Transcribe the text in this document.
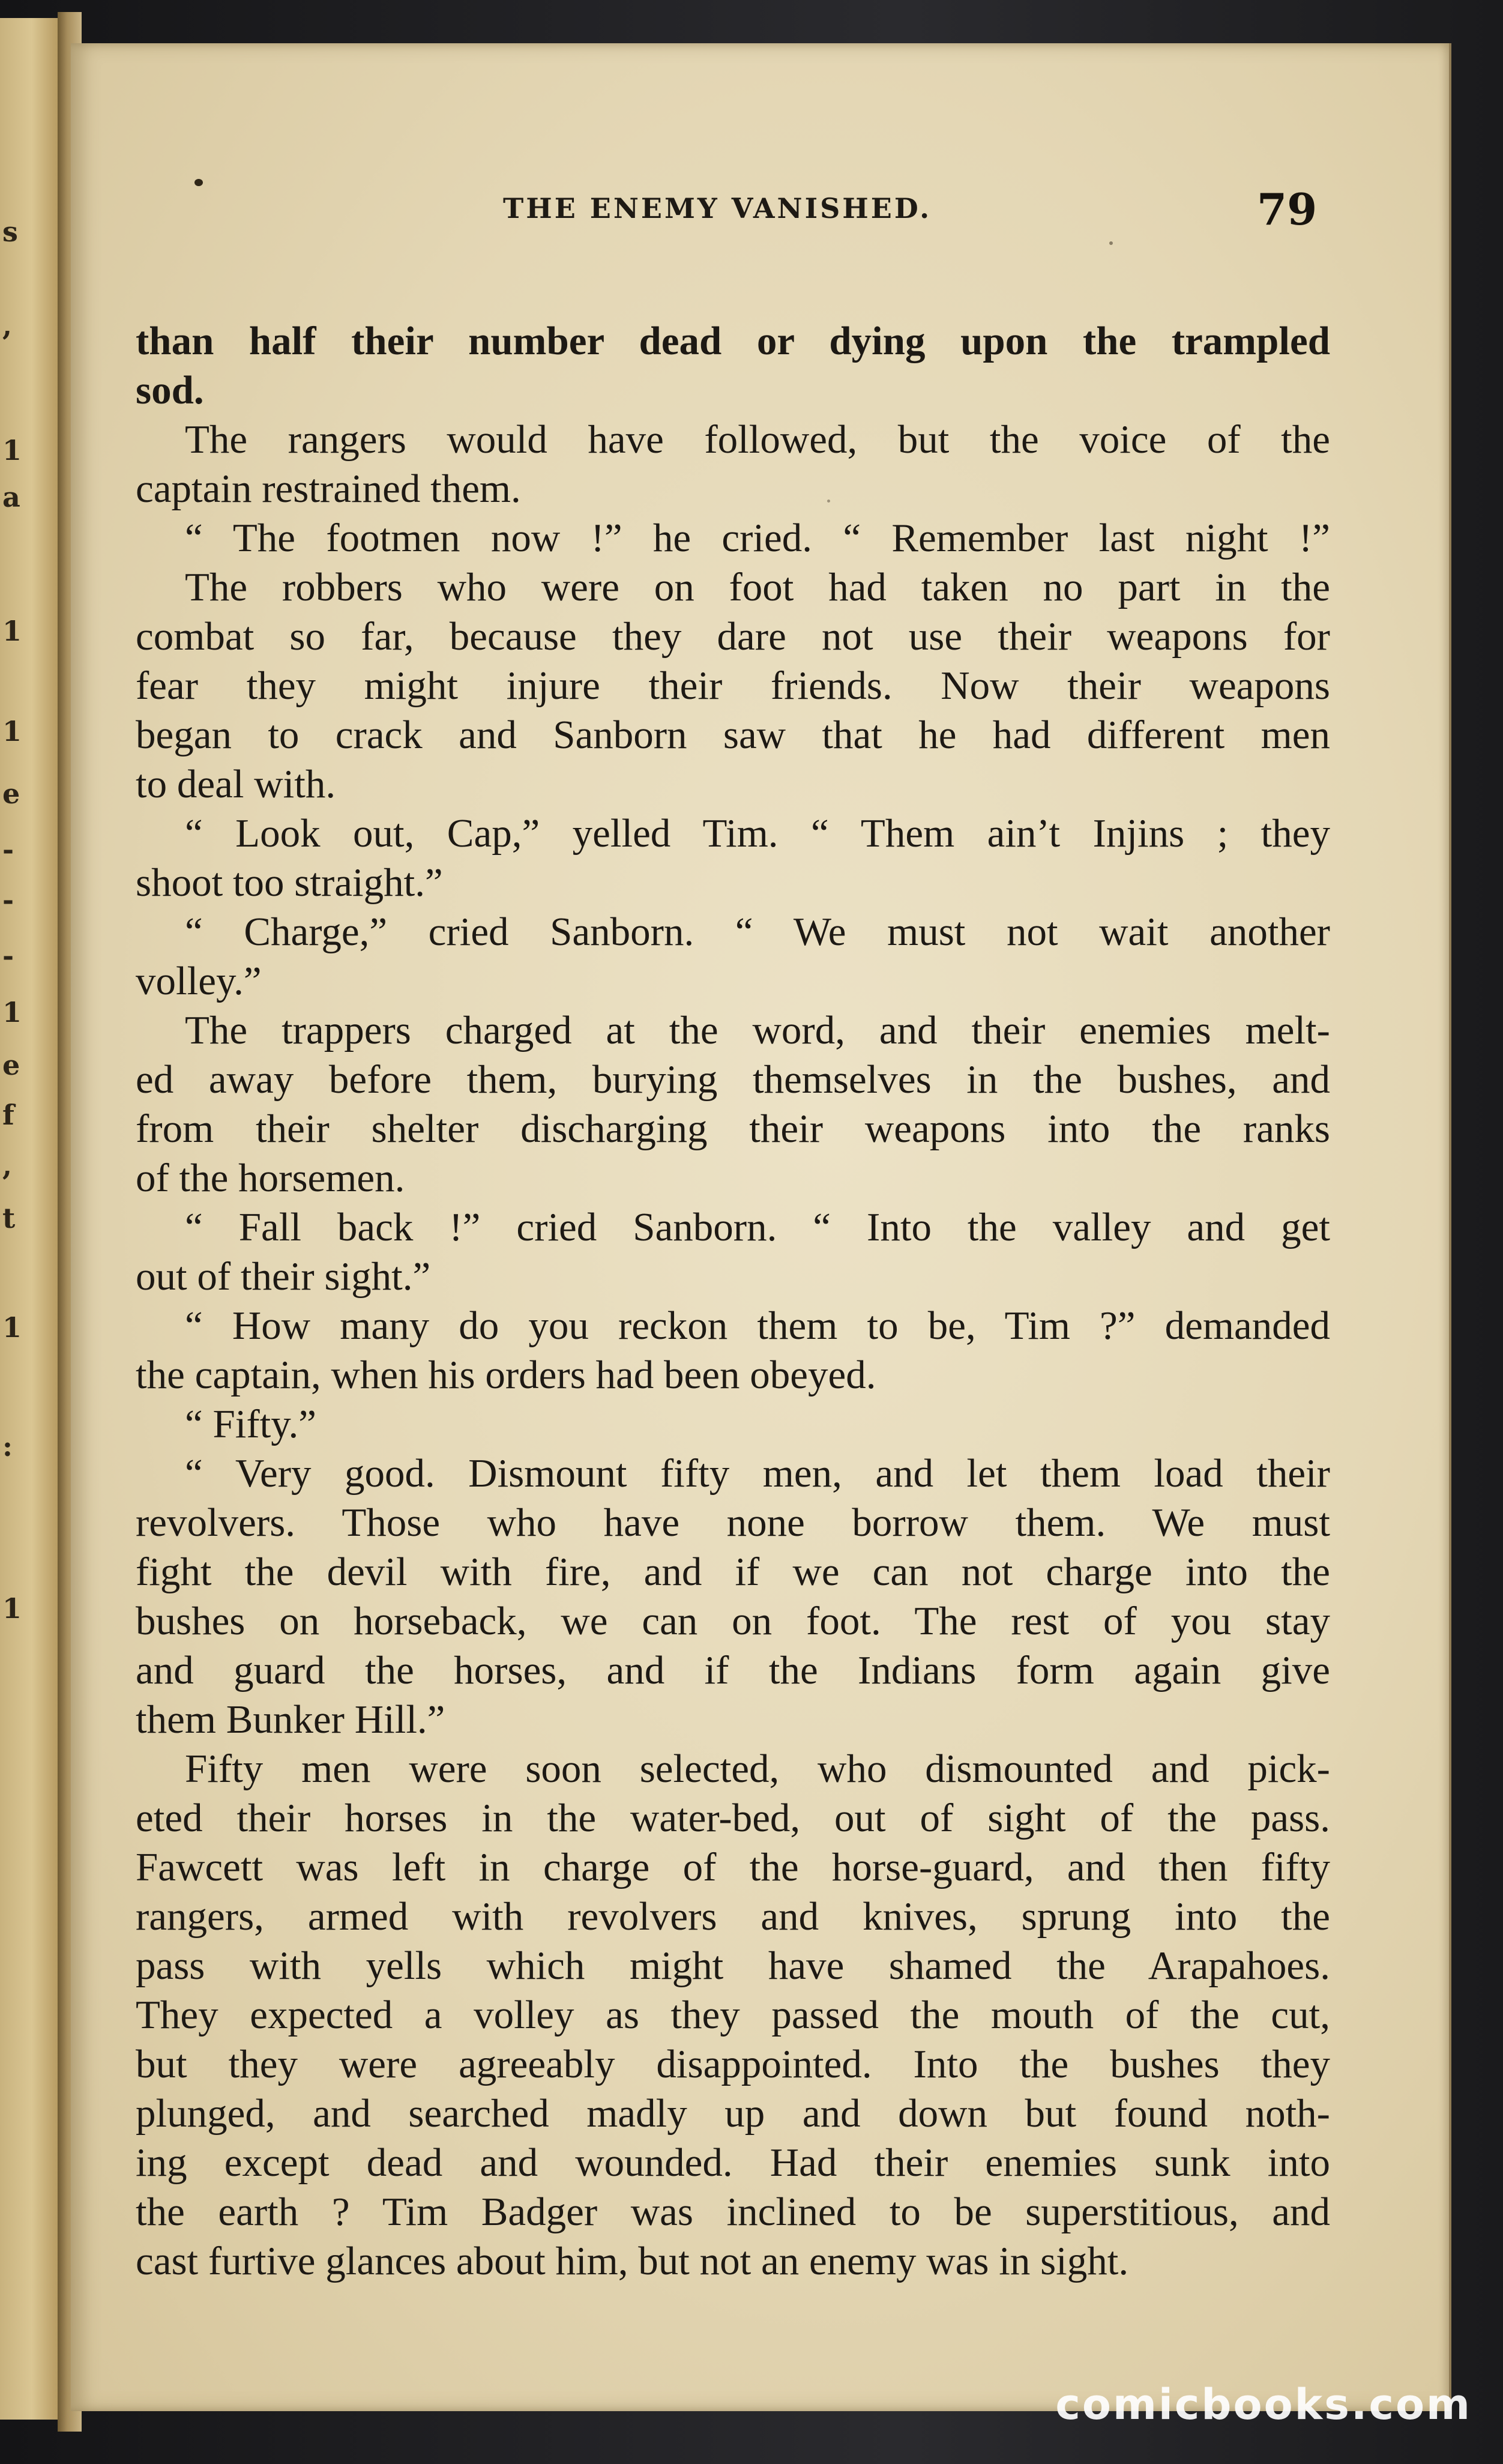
s
,
1
a
1
1
e
-
-
-
1
e
f
,
t
1
:
1
THE ENEMY VANISHED.	79
than half their number dead or dying upon the trampled
sod.
The rangers would have followed, but the voice of the
captain restrained them.
“ The footmen now !” he cried. “ Remember last night !”
The robbers who were on foot had taken no part in the
combat so far, because they dare not use their weapons for
fear they might injure their friends. Now their weapons
began to crack and Sanborn saw that he had different men
to deal with.
“ Look out, Cap,” yelled Tim. “ Them ain’t Injins ; they
shoot too straight.”
“ Charge,” cried Sanborn. “ We must not wait another
volley.”
The trappers charged at the word, and their enemies melt-
ed away before them, burying themselves in the bushes, and
from their shelter discharging their weapons into the ranks
of the horsemen.
“ Fall back !” cried Sanborn. “ Into the valley and get
out of their sight.”
“ How many do you reckon them to be, Tim ?” demanded
the captain, when his orders had been obeyed.
“ Fifty.”
“ Very good. Dismount fifty men, and let them load their
revolvers. Those who have none borrow them. We must
fight the devil with fire, and if we can not charge into the
bushes on horseback, we can on foot. The rest of you stay
and guard the horses, and if the Indians form again give
them Bunker Hill.”
Fifty men were soon selected, who dismounted and pick-
eted their horses in the water-bed, out of sight of the pass.
Fawcett was left in charge of the horse-guard, and then fifty
rangers, armed with revolvers and knives, sprung into the
pass with yells which might have shamed the Arapahoes.
They expected a volley as they passed the mouth of the cut,
but they were agreeably disappointed. Into the bushes they
plunged, and searched madly up and down but found noth-
ing except dead and wounded. Had their enemies sunk into
the earth ? Tim Badger was inclined to be superstitious, and
cast furtive glances about him, but not an enemy was in sight.
comicbooks.com
